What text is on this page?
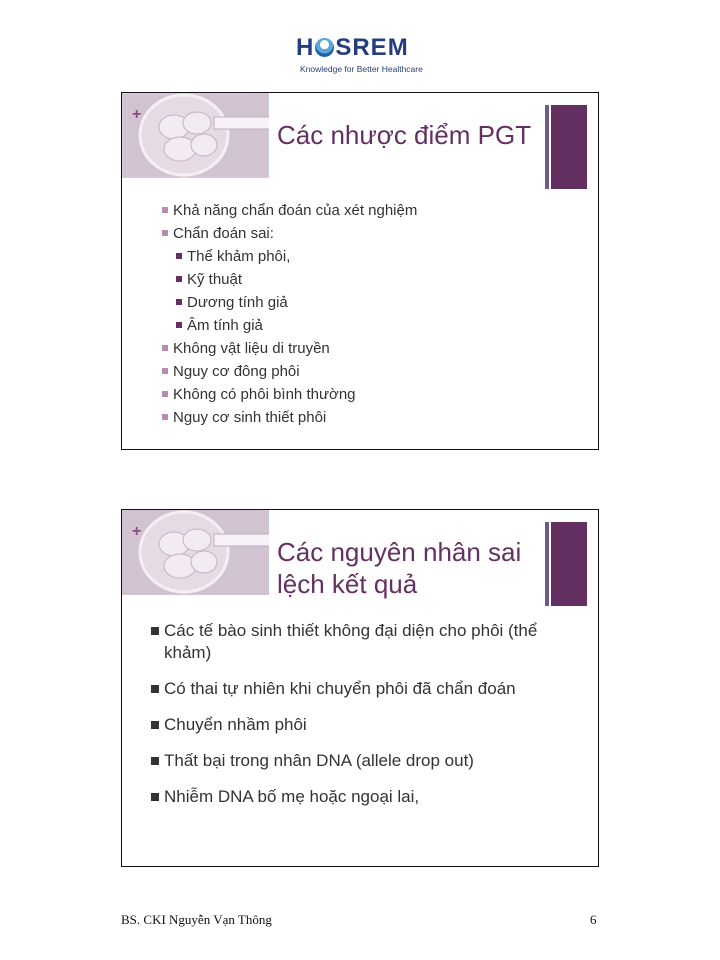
H SREM
Knowledge for Better Healthcare
+
Các nhược điểm PGT
Khả năng chẩn đoán của xét nghiệm
Chẩn đoán sai:
Thể khảm phôi,
Kỹ thuật
Dương tính giả
Âm tính giả
Không vật liệu di truyền
Nguy cơ đông phôi
Không có phôi bình thường
Nguy cơ sinh thiết phôi
+
Các nguyên nhân sai lệch kết quả
Các tế bào sinh thiết không đại diện cho phôi (thể khảm)
Có thai tự nhiên khi chuyển phôi đã chẩn đoán
Chuyển nhầm phôi
Thất bại trong nhân DNA (allele drop out)
Nhiễm DNA bố mẹ hoặc ngoại lai,
BS. CKI Nguyễn Vạn Thông	6
